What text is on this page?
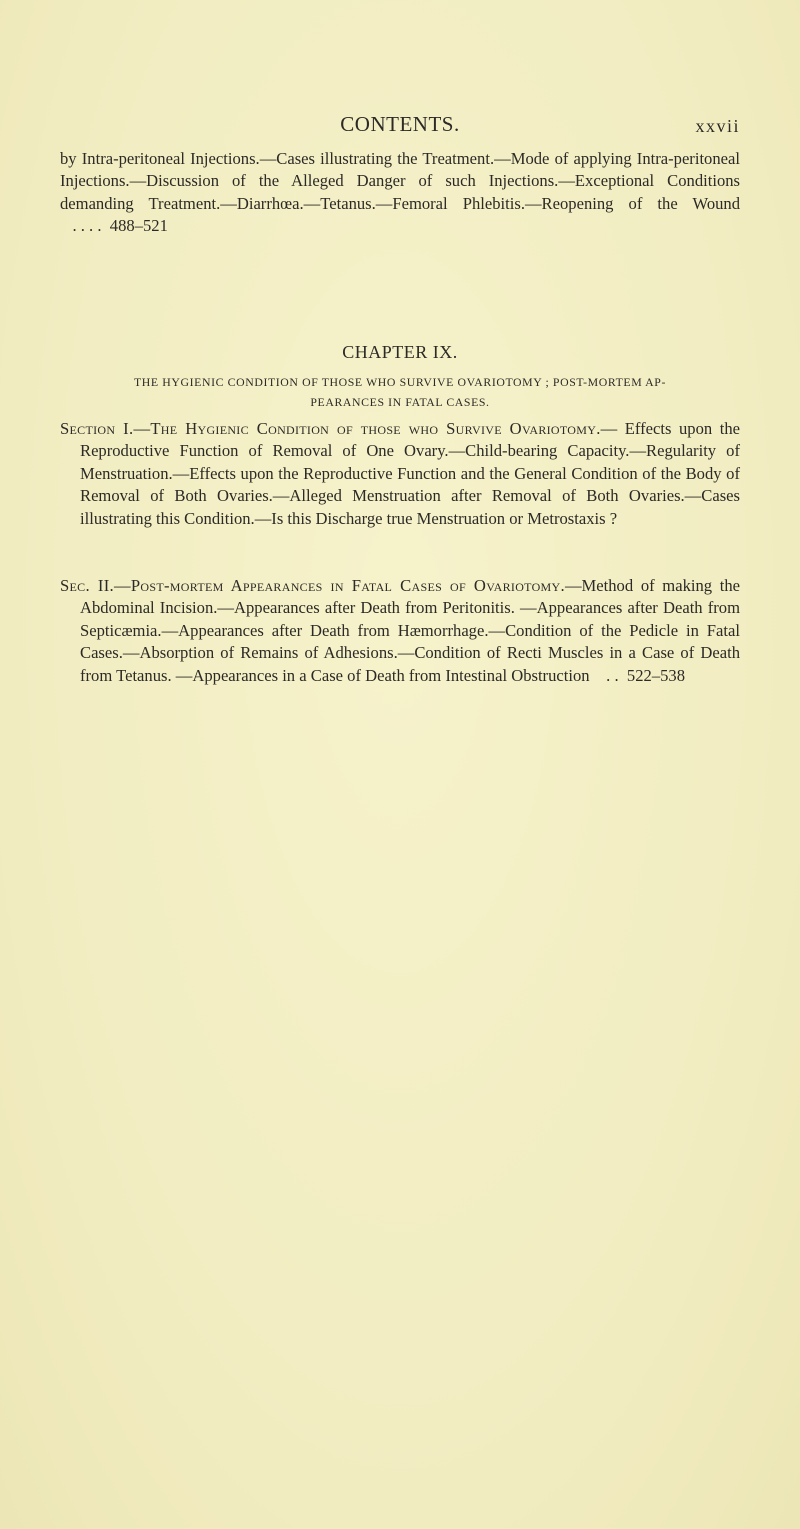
CONTENTS.	xxvii

by Intra-peritoneal Injections.—Cases illustrating the Treatment.—Mode of applying Intra-peritoneal Injections.—Discussion of the Alleged Danger of such Injections.—Exceptional Conditions demanding Treatment.—Diarrhœa.—Tetanus.—Femoral Phlebitis.—Reopening of the Wound    . . . . 488–521

CHAPTER IX.
THE HYGIENIC CONDITION OF THOSE WHO SURVIVE OVARIOTOMY ; POST-MORTEM AP-
PEARANCES IN FATAL CASES.

Section I.—The Hygienic Condition of those who Survive Ovariotomy.— Effects upon the Reproductive Function of Removal of One Ovary.—Child-bearing Capacity.—Regularity of Menstruation.—Effects upon the Reproductive Function and the General Condition of the Body of Removal of Both Ovaries.—Alleged Menstruation after Removal of Both Ovaries.—Cases illustrating this Condition.—Is this Discharge true Menstruation or Metrostaxis ?

Sec. II.—Post-mortem Appearances in Fatal Cases of Ovariotomy.—Method of making the Abdominal Incision.—Appearances after Death from Peritonitis. —Appearances after Death from Septicæmia.—Appearances after Death from Hæmorrhage.—Condition of the Pedicle in Fatal Cases.—Absorption of Remains of Adhesions.—Condition of Recti Muscles in a Case of Death from Tetanus. —Appearances in a Case of Death from Intestinal Obstruction . . 522–538
